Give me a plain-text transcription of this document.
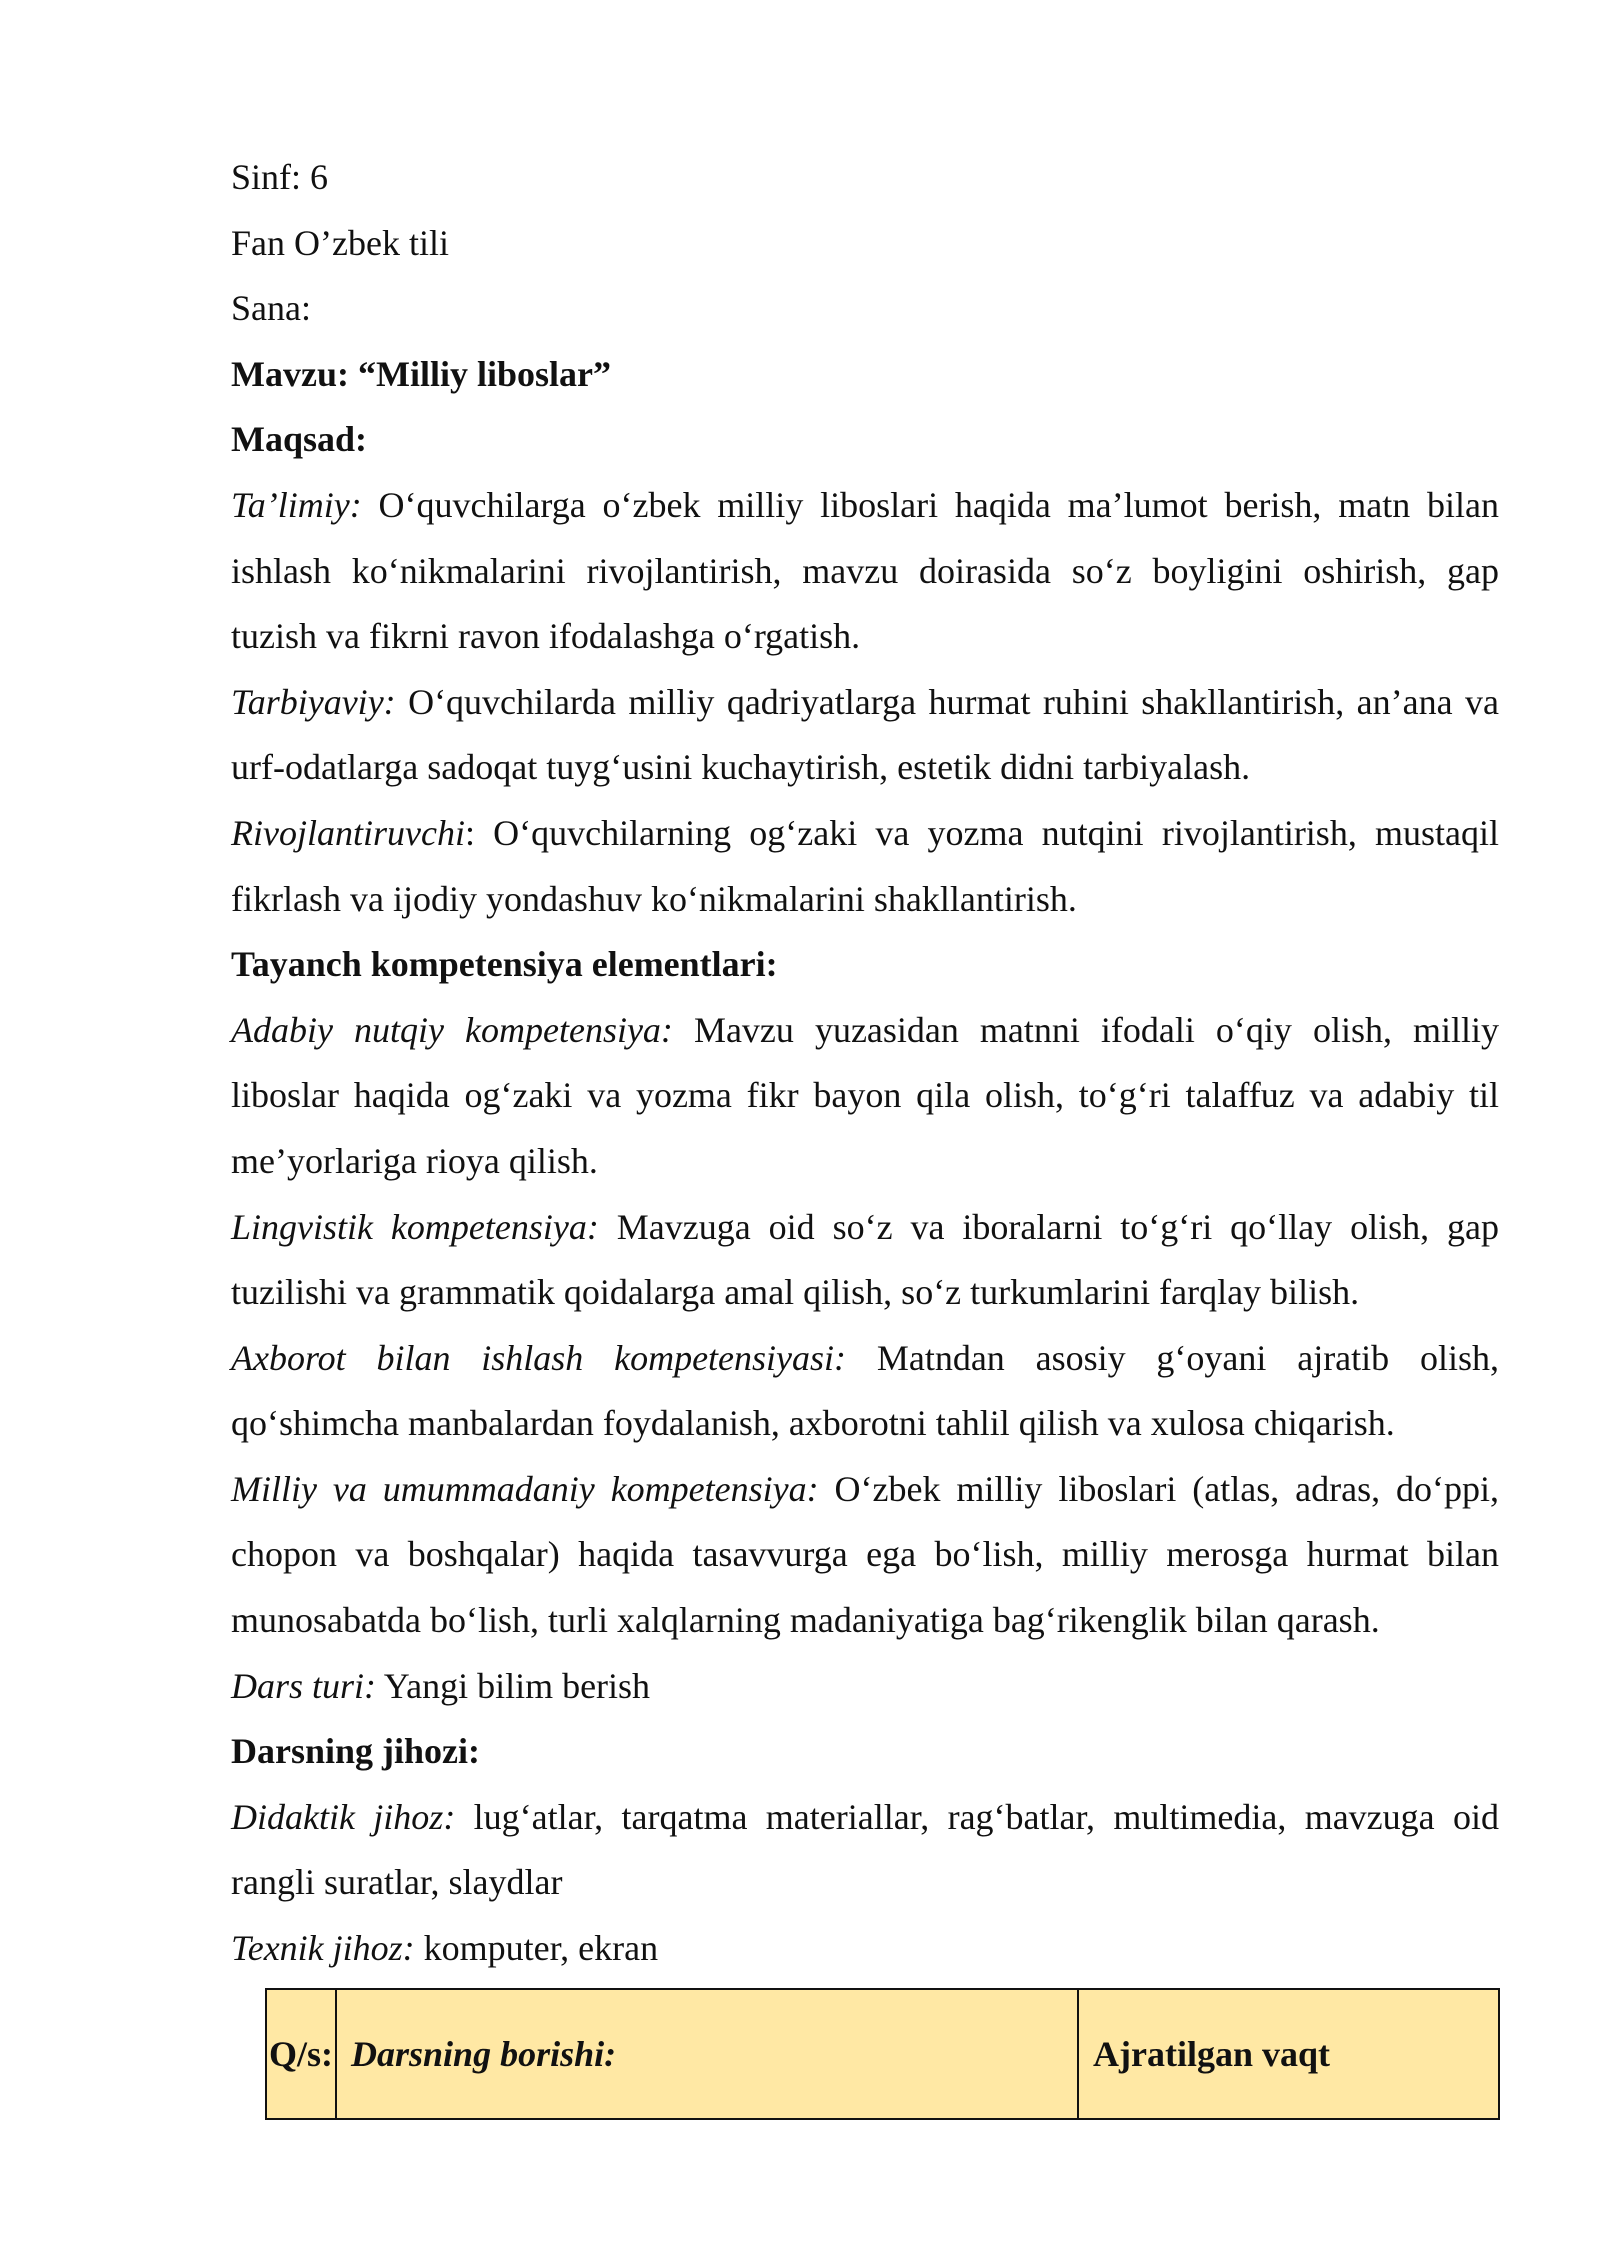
Sinf: 6

Fan O’zbek tili

Sana:

Mavzu: “Milliy liboslar”

Maqsad:

Ta’limiy: O‘quvchilarga o‘zbek milliy liboslari haqida ma’lumot berish, matn bilan ishlash ko‘nikmalarini rivojlantirish, mavzu doirasida so‘z boyligini oshirish, gap tuzish va fikrni ravon ifodalashga o‘rgatish.

Tarbiyaviy: O‘quvchilarda milliy qadriyatlarga hurmat ruhini shakllantirish, an’ana va urf-odatlarga sadoqat tuyg‘usini kuchaytirish, estetik didni tarbiyalash.

Rivojlantiruvchi: O‘quvchilarning og‘zaki va yozma nutqini rivojlantirish, mustaqil fikrlash va ijodiy yondashuv ko‘nikmalarini shakllantirish.

Tayanch kompetensiya elementlari:

Adabiy nutqiy kompetensiya: Mavzu yuzasidan matnni ifodali o‘qiy olish, milliy liboslar haqida og‘zaki va yozma fikr bayon qila olish, to‘g‘ri talaffuz va adabiy til me’yorlariga rioya qilish.

Lingvistik kompetensiya: Mavzuga oid so‘z va iboralarni to‘g‘ri qo‘llay olish, gap tuzilishi va grammatik qoidalarga amal qilish, so‘z turkumlarini farqlay bilish.

Axborot bilan ishlash kompetensiyasi: Matndan asosiy g‘oyani ajratib olish, qo‘shimcha manbalardan foydalanish, axborotni tahlil qilish va xulosa chiqarish.

Milliy va umummadaniy kompetensiya: O‘zbek milliy liboslari (atlas, adras, do‘ppi, chopon va boshqalar) haqida tasavvurga ega bo‘lish, milliy merosga hurmat bilan munosabatda bo‘lish, turli xalqlarning madaniyatiga bag‘rikenglik bilan qarash.

Dars turi: Yangi bilim berish

Darsning jihozi:

Didaktik jihoz: lug‘atlar, tarqatma materiallar, rag‘batlar, multimedia, mavzuga oid rangli suratlar, slaydlar

Texnik jihoz: komputer, ekran

Q/s:	Darsning borishi:	Ajratilgan vaqt
